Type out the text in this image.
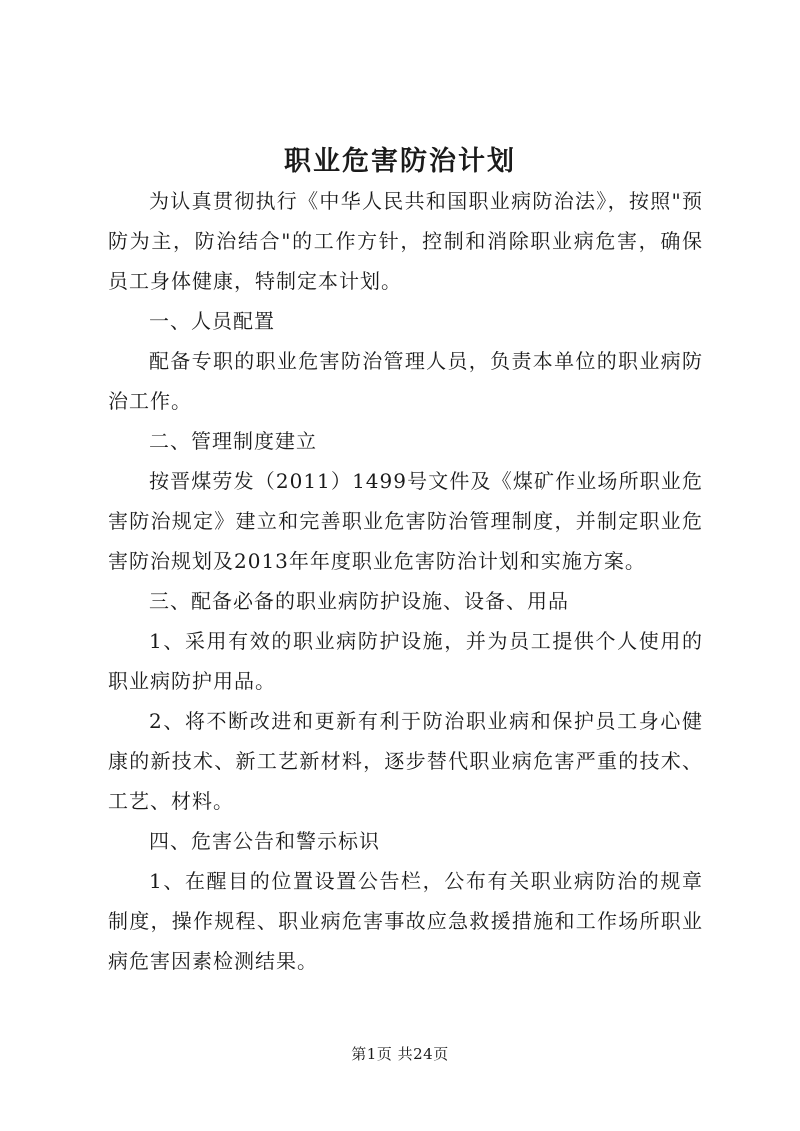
职业危害防治计划

为认真贯彻执行《中华人民共和国职业病防治法》，按照"预防为主，防治结合"的工作方针，控制和消除职业病危害，确保员工身体健康，特制定本计划。

一、人员配置

配备专职的职业危害防治管理人员，负责本单位的职业病防治工作。

二、管理制度建立

按晋煤劳发（2011）1499号文件及《煤矿作业场所职业危害防治规定》建立和完善职业危害防治管理制度，并制定职业危害防治规划及2013年年度职业危害防治计划和实施方案。

三、配备必备的职业病防护设施、设备、用品

1、采用有效的职业病防护设施，并为员工提供个人使用的职业病防护用品。

2、将不断改进和更新有利于防治职业病和保护员工身心健康的新技术、新工艺新材料，逐步替代职业病危害严重的技术、工艺、材料。

四、危害公告和警示标识

1、在醒目的位置设置公告栏，公布有关职业病防治的规章制度，操作规程、职业病危害事故应急救援措施和工作场所职业病危害因素检测结果。

第1页 共24页
